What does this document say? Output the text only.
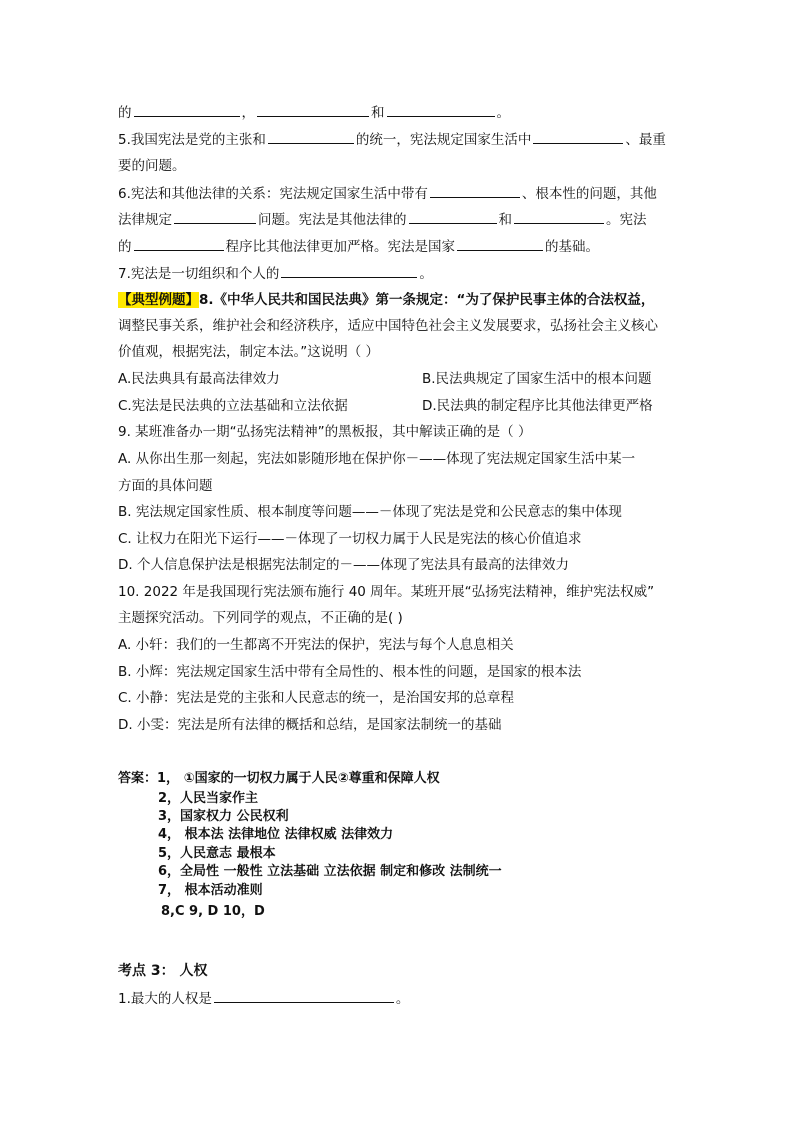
的	，	和	。
5.我国宪法是党的主张和	的统一，宪法规定国家生活中	、最重
要的问题。
6.宪法和其他法律的关系：宪法规定国家生活中带有	、根本性的问题，其他
法律规定	问题。宪法是其他法律的	和	。宪法
的	程序比其他法律更加严格。宪法是国家	的基础。
7.宪法是一切组织和个人的	。
【典型例题】8.《中华人民共和国民法典》第一条规定：“为了保护民事主体的合法权益，
调整民事关系，维护社会和经济秩序，适应中国特色社会主义发展要求，弘扬社会主义核心
价值观，根据宪法，制定本法。”这说明（ ）
A.民法典具有最高法律效力	B.民法典规定了国家生活中的根本问题
C.宪法是民法典的立法基础和立法依据	D.民法典的制定程序比其他法律更严格
9. 某班准备办一期“弘扬宪法精神”的黑板报，其中解读正确的是（ ）
A. 从你出生那一刻起，宪法如影随形地在保护你－——体现了宪法规定国家生活中某一
方面的具体问题
B. 宪法规定国家性质、根本制度等问题——－体现了宪法是党和公民意志的集中体现
C. 让权力在阳光下运行——－体现了一切权力属于人民是宪法的核心价值追求
D. 个人信息保护法是根据宪法制定的－——体现了宪法具有最高的法律效力
10. 2022 年是我国现行宪法颁布施行 40 周年。某班开展“弘扬宪法精神，维护宪法权威”
主题探究活动。下列同学的观点，不正确的是( )
A. 小轩：我们的一生都离不开宪法的保护，宪法与每个人息息相关
B. 小辉：宪法规定国家生活中带有全局性的、根本性的问题，是国家的根本法
C. 小静：宪法是党的主张和人民意志的统一，是治国安邦的总章程
D. 小雯：宪法是所有法律的概括和总结，是国家法制统一的基础
答案：1， ①国家的一切权力属于人民②尊重和保障人权
2，人民当家作主
3，国家权力 公民权利
4， 根本法 法律地位 法律权威 法律效力
5，人民意志 最根本
6，全局性 一般性 立法基础 立法依据 制定和修改 法制统一
7， 根本活动准则
8,C 9, D 10，D
考点 3： 人权
1.最大的人权是	。
